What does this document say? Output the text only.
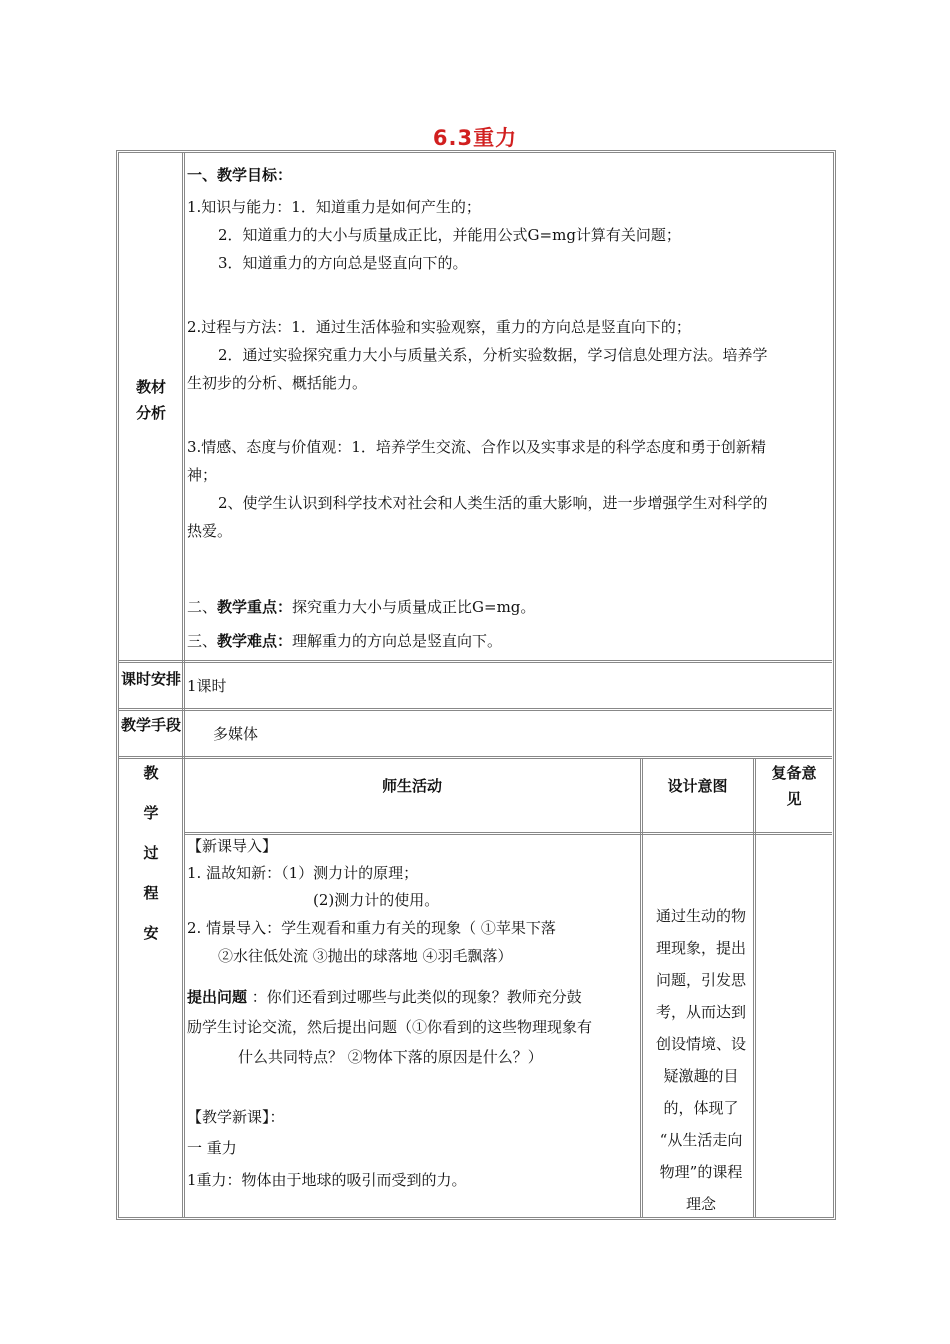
6.3重力
教材
分析
课时安排
教学手段
教
学
过
程
安
一、教学目标：
1.知识与能力：1．知道重力是如何产生的；
2．知道重力的大小与质量成正比，并能用公式G=mg计算有关问题；
3．知道重力的方向总是竖直向下的。
2.过程与方法：1．通过生活体验和实验观察，重力的方向总是竖直向下的；
2．通过实验探究重力大小与质量关系，分析实验数据，学习信息处理方法。培养学
生初步的分析、概括能力。
3.情感、态度与价值观：1．培养学生交流、合作以及实事求是的科学态度和勇于创新精
神；
2、使学生认识到科学技术对社会和人类生活的重大影响，进一步增强学生对科学的
热爱。
二、教学重点：探究重力大小与质量成正比G=mg。
三、教学难点：理解重力的方向总是竖直向下。
1课时
多媒体
师生活动	设计意图
复备意
见
【新课导入】
1. 温故知新：（1）测力计的原理；
(2)测力计的使用。
2. 情景导入：学生观看和重力有关的现象（ ①苹果下落
②水往低处流 ③抛出的球落地 ④羽毛飘落）
提出问题 ：你们还看到过哪些与此类似的现象？教师充分鼓
励学生讨论交流，然后提出问题（①你看到的这些物理现象有
什么共同特点？ ②物体下落的原因是什么？）
【教学新课】：
一 重力
1重力：物体由于地球的吸引而受到的力。
通过生动的物
理现象，提出
问题，引发思
考，从而达到
创设情境、设
疑激趣的目
的，体现了
“从生活走向
物理”的课程
理念
